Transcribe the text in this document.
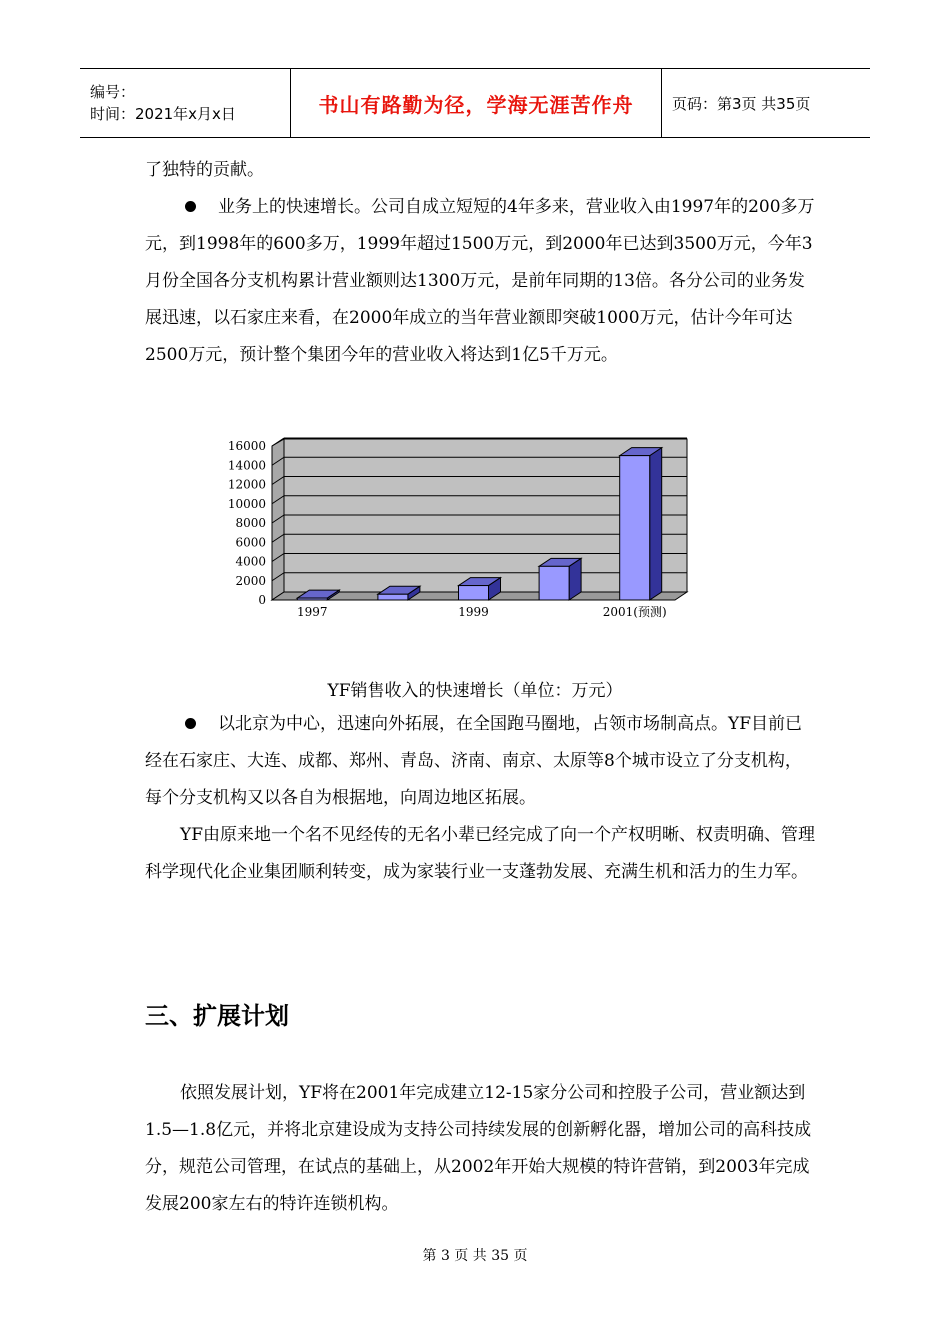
编号：
时间：2021年x月x日	书山有路勤为径，学海无涯苦作舟	页码：第3页 共35页
了独特的贡献。
业务上的快速增长。公司自成立短短的4年多来，营业收入由1997年的200多万元，到1998年的600多万，1999年超过1500万元，到2000年已达到3500万元，今年3月份全国各分支机构累计营业额则达1300万元，是前年同期的13倍。各分公司的业务发展迅速，以石家庄来看，在2000年成立的当年营业额即突破1000万元，估计今年可达2500万元，预计整个集团今年的营业收入将达到1亿5千万元。
0
2000
4000
6000
8000
10000
12000
14000
16000
1997	1999	2001(预测)
YF销售收入的快速增长（单位：万元）
以北京为中心，迅速向外拓展，在全国跑马圈地，占领市场制高点。YF目前已经在石家庄、大连、成都、郑州、青岛、济南、南京、太原等8个城市设立了分支机构，每个分支机构又以各自为根据地，向周边地区拓展。
YF由原来地一个名不见经传的无名小辈已经完成了向一个产权明晰、权责明确、管理科学现代化企业集团顺利转变，成为家装行业一支蓬勃发展、充满生机和活力的生力军。
三、扩展计划
依照发展计划，YF将在2001年完成建立12-15家分公司和控股子公司，营业额达到1.5—1.8亿元，并将北京建设成为支持公司持续发展的创新孵化器，增加公司的高科技成分，规范公司管理，在试点的基础上，从2002年开始大规模的特许营销，到2003年完成发展200家左右的特许连锁机构。
第 3 页 共 35 页
